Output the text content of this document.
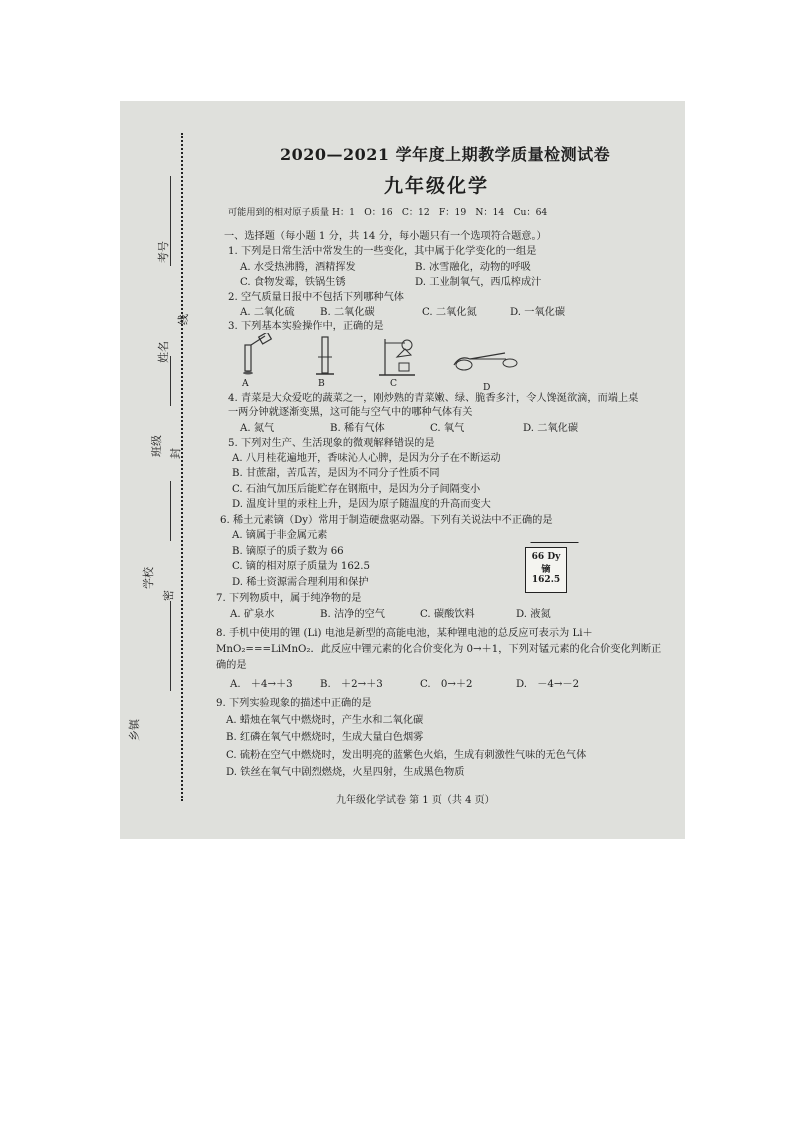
考号
姓名
线
班级 封
学校
密
乡镇
2020—2021 学年度上期教学质量检测试卷
九年级化学
可能用到的相对原子质量 H：1　O：16　C：12　F：19　N：14　Cu：64
一、选择题（每小题 1 分，共 14 分，每小题只有一个选项符合题意。）
1. 下列是日常生活中常发生的一些变化，其中属于化学变化的一组是
A. 水受热沸腾，酒精挥发	B. 冰雪融化，动物的呼吸
C. 食物发霉，铁锅生锈	D. 工业制氧气，西瓜榨成汁
2. 空气质量日报中不包括下列哪种气体
A. 二氧化硫 B. 二氧化碳	C. 二氧化氮	D. 一氧化碳
3. 下列基本实验操作中，正确的是
A	B	C	D
4. 青菜是大众爱吃的蔬菜之一，刚炒熟的青菜嫩、绿、脆香多汁，令人馋涎欲滴，而端上桌
一两分钟就逐渐变黑，这可能与空气中的哪种气体有关
A. 氮气	B. 稀有气体	C. 氧气	D. 二氧化碳
5. 下列对生产、生活现象的微观解释错误的是
A. 八月桂花遍地开，香味沁人心脾，是因为分子在不断运动
B. 甘蔗甜，苦瓜苦，是因为不同分子性质不同
C. 石油气加压后能贮存在钢瓶中，是因为分子间隔变小
D. 温度计里的汞柱上升，是因为原子随温度的升高而变大
6. 稀土元素镝（Dy）常用于制造硬盘驱动器。下列有关说法中不正确的是
A. 镝属于非金属元素
B. 镝原子的质子数为 66
C. 镝的相对原子质量为 162.5
D. 稀士资源需合理利用和保护
66 Dy
镝
162.5
7. 下列物质中，属于纯净物的是
A. 矿泉水	B. 洁净的空气	C. 碳酸饮料	D. 液氮
8. 手机中使用的锂 (Li) 电池是新型的高能电池，某种锂电池的总反应可表示为 Li＋
MnO₂===LiMnO₂．此反应中锂元素的化合价变化为 0→＋1，下列对锰元素的化合价变化判断正
确的是
A.　＋4→＋3	B.　＋2→＋3	C.　0→＋2	D.　－4→－2
9. 下列实验现象的描述中正确的是
A. 蜡烛在氧气中燃烧时，产生水和二氧化碳
B. 红磷在氧气中燃烧时，生成大量白色烟雾
C. 硫粉在空气中燃烧时，发出明亮的蓝紫色火焰，生成有刺激性气味的无色气体
D. 铁丝在氧气中剧烈燃烧，火星四射，生成黑色物质
九年级化学试卷 第 1 页（共 4 页）
